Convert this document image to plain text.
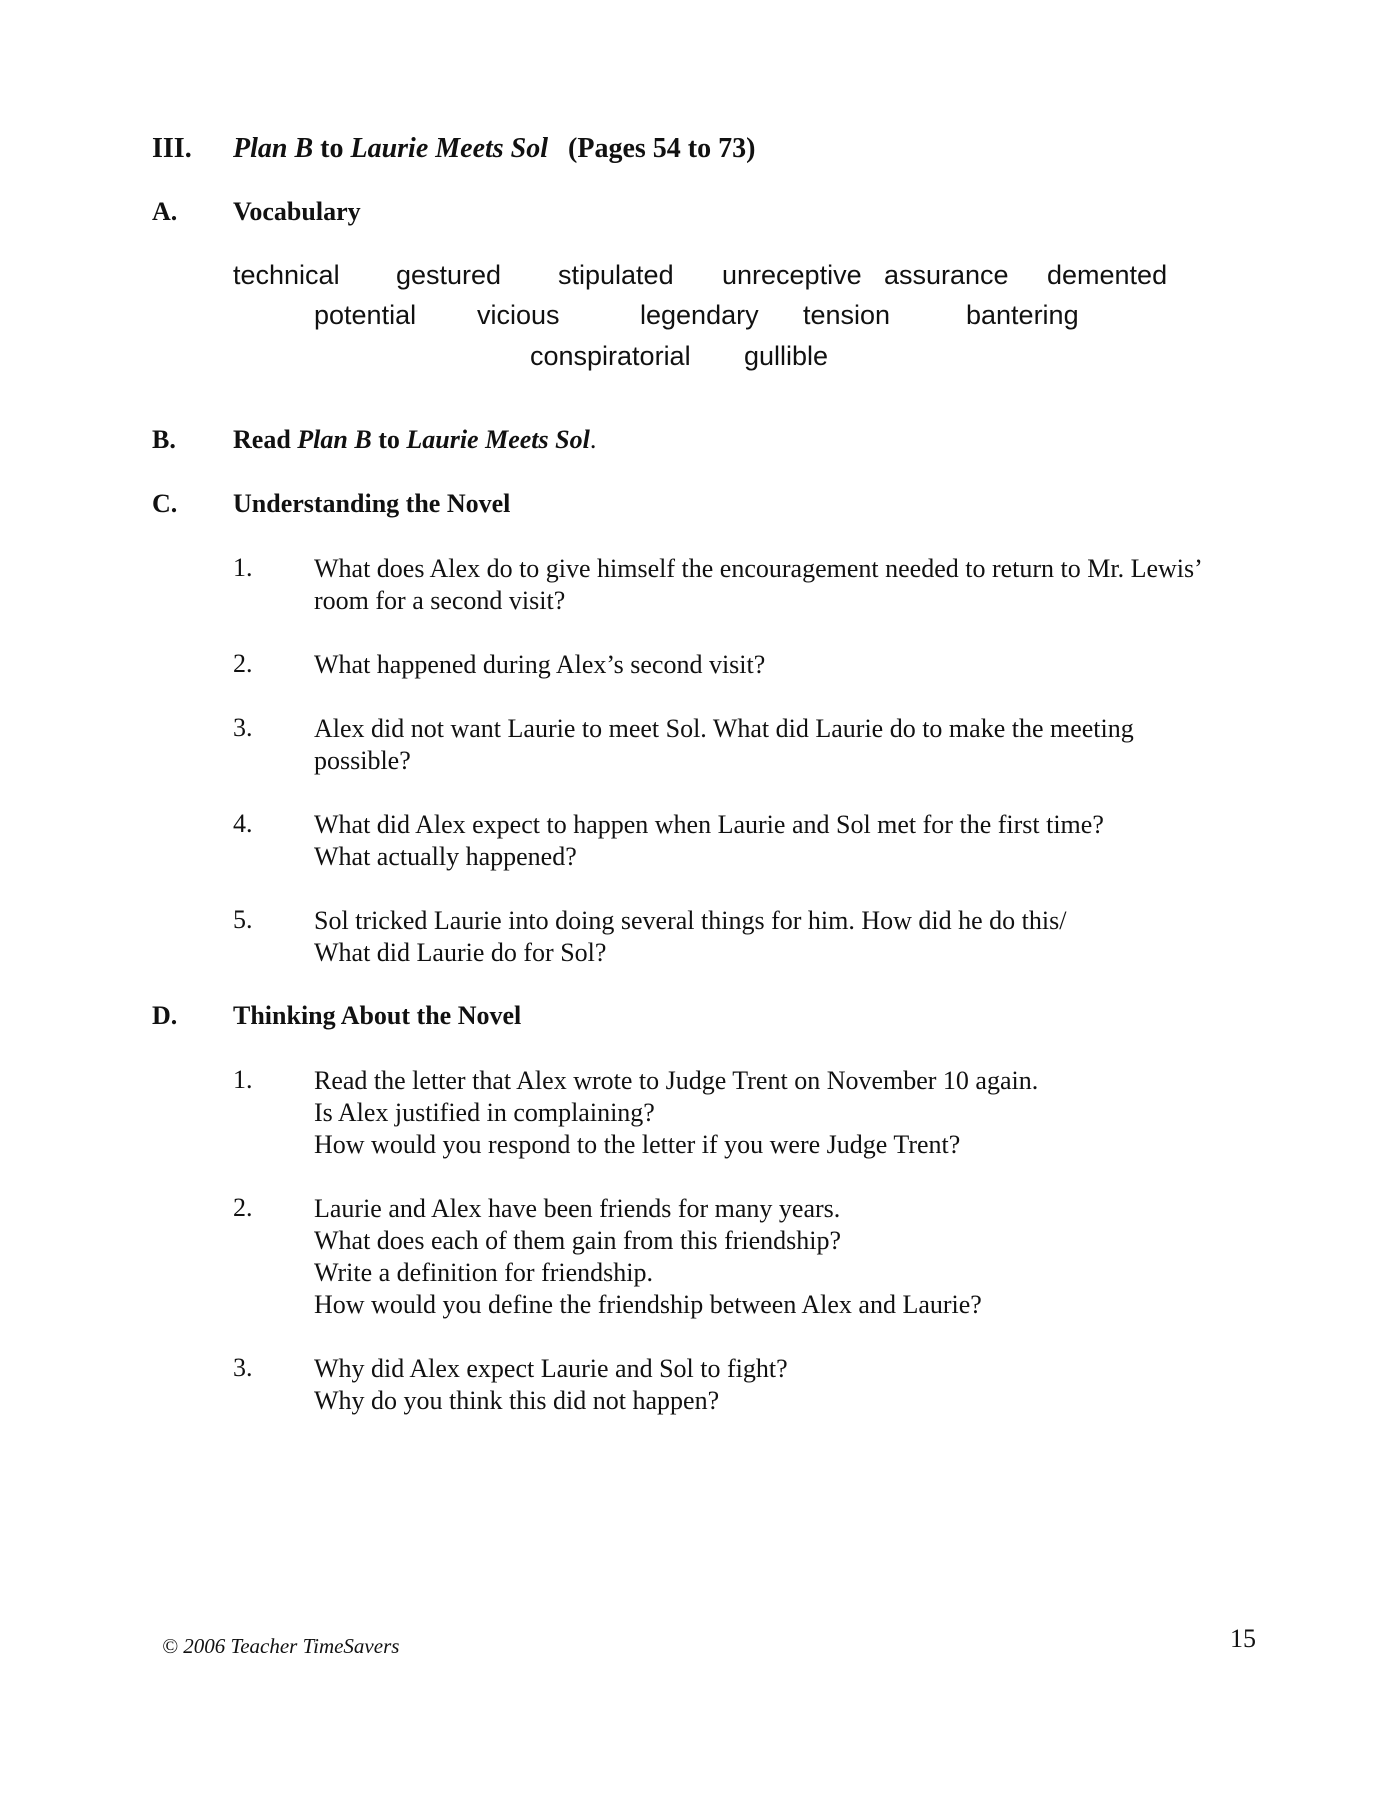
III. Plan B to Laurie Meets Sol (Pages 54 to 73)
A. Vocabulary
technical gestured stipulated unreceptive assurance demented
potential vicious	legendary tension	bantering
conspiratorial gullible
B. Read Plan B to Laurie Meets Sol.
C. Understanding the Novel
1. What does Alex do to give himself the encouragement needed to return to Mr. Lewis’
room for a second visit?
2. What happened during Alex’s second visit?
3. Alex did not want Laurie to meet Sol. What did Laurie do to make the meeting
possible?
4. What did Alex expect to happen when Laurie and Sol met for the first time?
What actually happened?
5. Sol tricked Laurie into doing several things for him. How did he do this/
What did Laurie do for Sol?
D. Thinking About the Novel
1. Read the letter that Alex wrote to Judge Trent on November 10 again.
Is Alex justified in complaining?
How would you respond to the letter if you were Judge Trent?
2. Laurie and Alex have been friends for many years.
What does each of them gain from this friendship?
Write a definition for friendship.
How would you define the friendship between Alex and Laurie?
3. Why did Alex expect Laurie and Sol to fight?
Why do you think this did not happen?
© 2006 Teacher TimeSavers	15
